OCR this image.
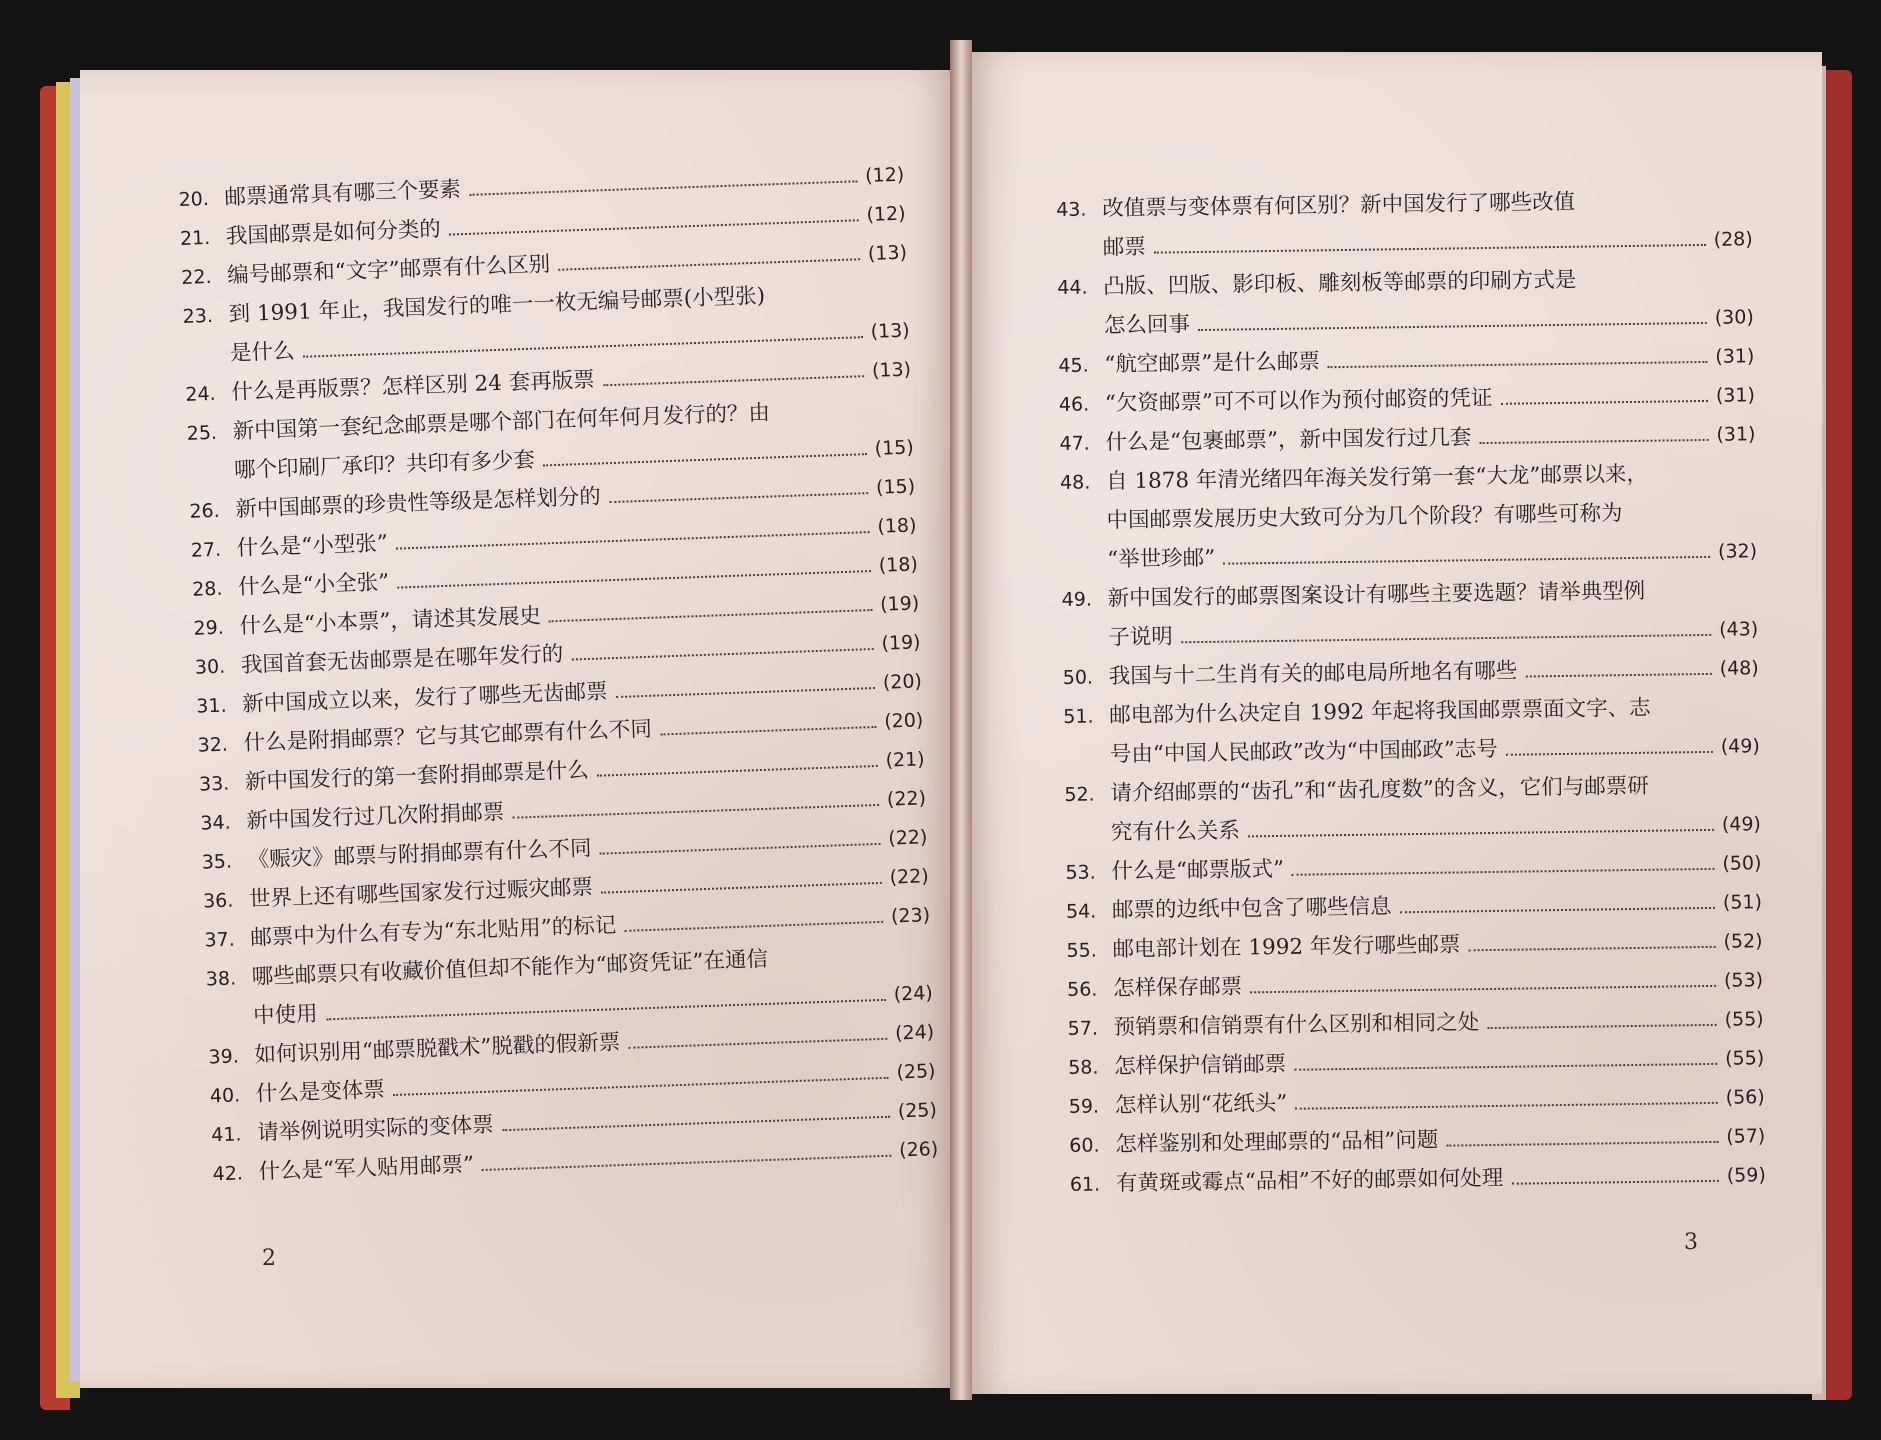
20. 邮票通常具有哪三个要素
(12)
21. 我国邮票是如何分类的
(12)
22. 编号邮票和“文字”邮票有什么区别	(13)
23. 到 1991 年止，我国发行的唯一一枚无编号邮票(小型张)
是什么
(13)
24. 什么是再版票？怎样区别 24 套再版票	(13)
25. 新中国第一套纪念邮票是哪个部门在何年何月发行的？由
哪个印刷厂承印？共印有多少套	(15)
26. 新中国邮票的珍贵性等级是怎样划分的	(15)
27. 什么是“小型张”
(18)
28. 什么是“小全张”
(18)
29. 什么是“小本票”，请述其发展史	(19)
30. 我国首套无齿邮票是在哪年发行的	(19)
31. 新中国成立以来，发行了哪些无齿邮票	(20)
32. 什么是附捐邮票？它与其它邮票有什么不同	(20)
33. 新中国发行的第一套附捐邮票是什么	(21)
34. 新中国发行过几次附捐邮票
(22)
35. 《赈灾》邮票与附捐邮票有什么不同	(22)
36. 世界上还有哪些国家发行过赈灾邮票	(22)
37. 邮票中为什么有专为“东北贴用”的标记	(23)
38. 哪些邮票只有收藏价值但却不能作为“邮资凭证”在通信
中使用
(24)
39. 如何识别用“邮票脱戳术”脱戳的假新票	(24)
40. 什么是变体票
(25)
41. 请举例说明实际的变体票
(25)
42. 什么是“军人贴用邮票”
(26)
2
43. 改值票与变体票有何区别？新中国发行了哪些改值
邮票	(28)
44. 凸版、凹版、影印板、雕刻板等邮票的印刷方式是
怎么回事	(30)
45. “航空邮票”是什么邮票	(31)
46. “欠资邮票”可不可以作为预付邮资的凭证	(31)
47. 什么是“包裹邮票”，新中国发行过几套	(31)
48. 自 1878 年清光绪四年海关发行第一套“大龙”邮票以来，
中国邮票发展历史大致可分为几个阶段？有哪些可称为
“举世珍邮”	(32)
49. 新中国发行的邮票图案设计有哪些主要选题？请举典型例
子说明	(43)
50. 我国与十二生肖有关的邮电局所地名有哪些	(48)
51. 邮电部为什么决定自 1992 年起将我国邮票票面文字、志
号由“中国人民邮政”改为“中国邮政”志号	(49)
52. 请介绍邮票的“齿孔”和“齿孔度数”的含义，它们与邮票研
究有什么关系	(49)
53. 什么是“邮票版式”	(50)
54. 邮票的边纸中包含了哪些信息	(51)
55. 邮电部计划在 1992 年发行哪些邮票	(52)
56. 怎样保存邮票	(53)
57. 预销票和信销票有什么区别和相同之处	(55)
58. 怎样保护信销邮票	(55)
59. 怎样认别“花纸头”	(56)
60. 怎样鉴别和处理邮票的“品相”问题	(57)
61. 有黄斑或霉点“品相”不好的邮票如何处理	(59)
3
